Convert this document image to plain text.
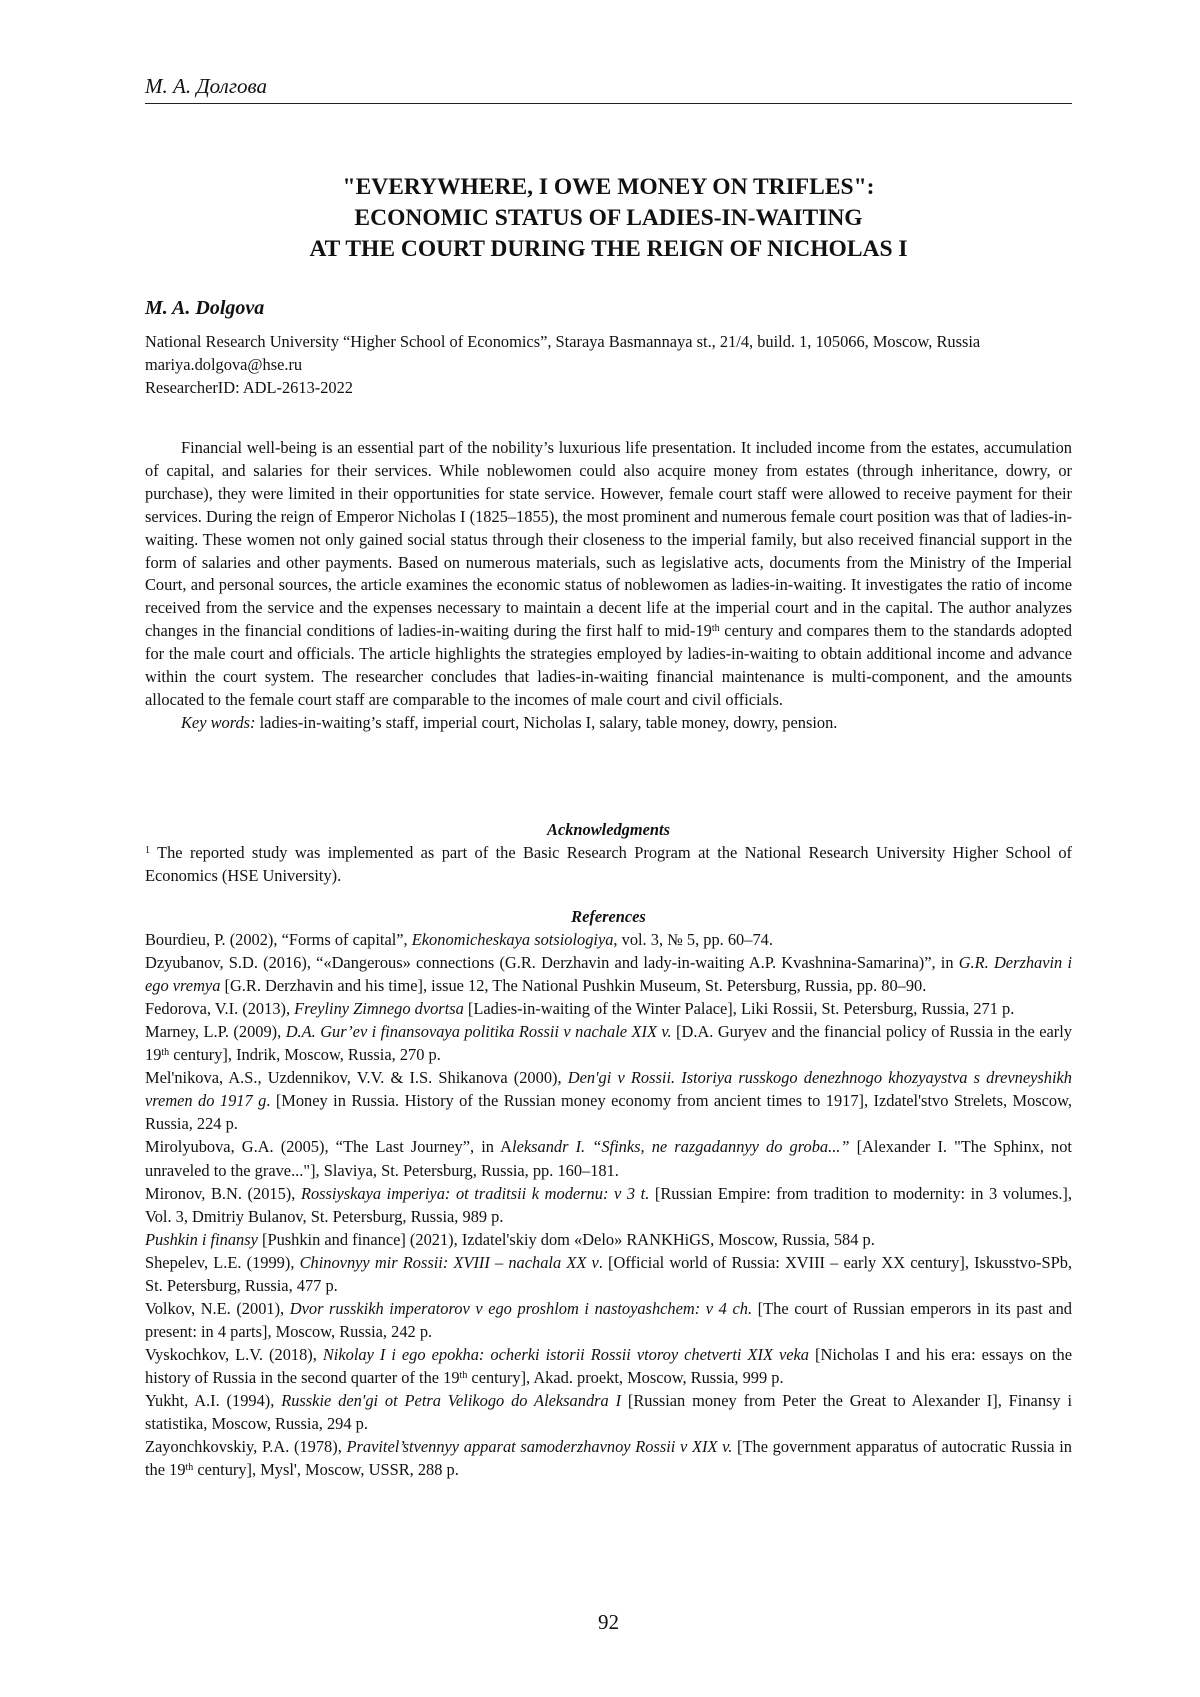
М. А. Долгова
"EVERYWHERE, I OWE MONEY ON TRIFLES":
ECONOMIC STATUS OF LADIES-IN-WAITING
AT THE COURT DURING THE REIGN OF NICHOLAS I
M. A. Dolgova
National Research University “Higher School of Economics”, Staraya Basmannaya st., 21/4, build. 1, 105066, Moscow, Russia
mariya.dolgova@hse.ru
ResearcherID: ADL-2613-2022

Financial well-being is an essential part of the nobility’s luxurious life presentation. It included income from the estates, accumulation of capital, and salaries for their services. While noblewomen could also acquire money from estates (through inheritance, dowry, or purchase), they were limited in their opportunities for state service. However, female court staff were allowed to receive payment for their services. During the reign of Emperor Nicholas I (1825–1855), the most prominent and numerous female court position was that of ladies-in-waiting. These women not only gained social status through their closeness to the imperial family, but also received financial support in the form of salaries and other payments. Based on numerous materials, such as legislative acts, documents from the Ministry of the Imperial Court, and personal sources, the article examines the economic status of noblewomen as ladies-in-waiting. It investigates the ratio of income received from the service and the expenses necessary to maintain a decent life at the imperial court and in the capital. The author analyzes changes in the financial conditions of ladies-in-waiting during the first half to mid-19th century and compares them to the standards adopted for the male court and officials. The article highlights the strategies employed by ladies-in-waiting to obtain additional income and advance within the court system. The researcher concludes that ladies-in-waiting financial maintenance is multi-component, and the amounts allocated to the female court staff are comparable to the incomes of male court and civil officials.

Key words: ladies-in-waiting’s staff, imperial court, Nicholas I, salary, table money, dowry, pension.

Acknowledgments
1 The reported study was implemented as part of the Basic Research Program at the National Research University Higher School of Economics (HSE University).
References

Bourdieu, P. (2002), “Forms of capital”, Ekonomicheskaya sotsiologiya, vol. 3, № 5, pp. 60–74.

Dzyubanov, S.D. (2016), “«Dangerous» connections (G.R. Derzhavin and lady-in-waiting A.P. Kvashnina-Samarina)”, in G.R. Derzhavin i ego vremya [G.R. Derzhavin and his time], issue 12, The National Pushkin Museum, St. Petersburg, Russia, pp. 80–90.

Fedorova, V.I. (2013), Freyliny Zimnego dvortsa [Ladies-in-waiting of the Winter Palace], Liki Rossii, St. Petersburg, Russia, 271 p.

Marney, L.P. (2009), D.A. Gur’ev i finansovaya politika Rossii v nachale XIX v. [D.A. Guryev and the financial policy of Russia in the early 19th century], Indrik, Moscow, Russia, 270 p.

Mel'nikova, A.S., Uzdennikov, V.V. & I.S. Shikanova (2000), Den'gi v Rossii. Istoriya russkogo denezhnogo khozyaystva s drevneyshikh vremen do 1917 g. [Money in Russia. History of the Russian money economy from ancient times to 1917], Izdatel'stvo Strelets, Moscow, Russia, 224 p.

Mirolyubova, G.A. (2005), “The Last Journey”, in Aleksandr I. “Sfinks, ne razgadannyy do groba...” [Alexander I. "The Sphinx, not unraveled to the grave..."], Slaviya, St. Petersburg, Russia, pp. 160–181.

Mironov, B.N. (2015), Rossiyskaya imperiya: ot traditsii k modernu: v 3 t. [Russian Empire: from tradition to modernity: in 3 volumes.], Vol. 3, Dmitriy Bulanov, St. Petersburg, Russia, 989 p.

Pushkin i finansy [Pushkin and finance] (2021), Izdatel'skiy dom «Delo» RANKHiGS, Moscow, Russia, 584 p.

Shepelev, L.E. (1999), Chinovnyy mir Rossii: XVIII – nachala XX v. [Official world of Russia: XVIII – early XX century], Iskusstvo-SPb, St. Petersburg, Russia, 477 p.

Volkov, N.E. (2001), Dvor russkikh imperatorov v ego proshlom i nastoyashchem: v 4 ch. [The court of Russian emperors in its past and present: in 4 parts], Moscow, Russia, 242 p.

Vyskochkov, L.V. (2018), Nikolay I i ego epokha: ocherki istorii Rossii vtoroy chetverti XIX veka [Nicholas I and his era: essays on the history of Russia in the second quarter of the 19th century], Akad. proekt, Moscow, Russia, 999 p.

Yukht, A.I. (1994), Russkie den'gi ot Petra Velikogo do Aleksandra I [Russian money from Peter the Great to Alexander I], Finansy i statistika, Moscow, Russia, 294 p.

Zayonchkovskiy, P.A. (1978), Pravitel’stvennyy apparat samoderzhavnoy Rossii v XIX v. [The government apparatus of autocratic Russia in the 19th century], Mysl', Moscow, USSR, 288 p.

92
